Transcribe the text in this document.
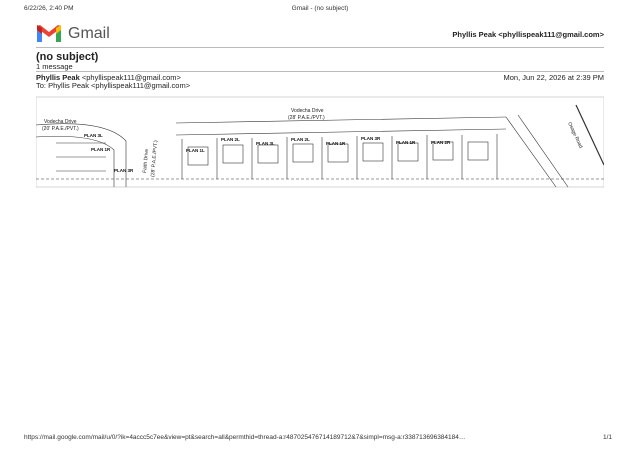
6/22/26, 2:40 PM	Gmail - (no subject)
Gmail	Phyllis Peak <phyllispeak111@gmail.com>
(no subject)
1 message
Phyllis Peak <phyllispeak111@gmail.com>	Mon, Jun 22, 2026 at 2:39 PM
To: Phyllis Peak <phyllispeak111@gmail.com>
Vodecha Drive
(20' P.A.E./PVT.)
Vodecha Drive
(28' P.A.E./PVT.)
Faith Drive (28' P.A.E./PVT.)
Osage Road
PLAN 3L
PLAN 1R
PLAN 3R
PLAN 1L
PLAN 2L
PLAN 3L
PLAN 2L
PLAN 1R
PLAN 3R
PLAN 1R	PLAN 2R
https://mail.google.com/mail/u/0/?ik=4accc5c7ee&view=pt&search=all&permthid=thread-a:r487025476714189712&7&simpl=msg-a:r338713696384184…	1/1
